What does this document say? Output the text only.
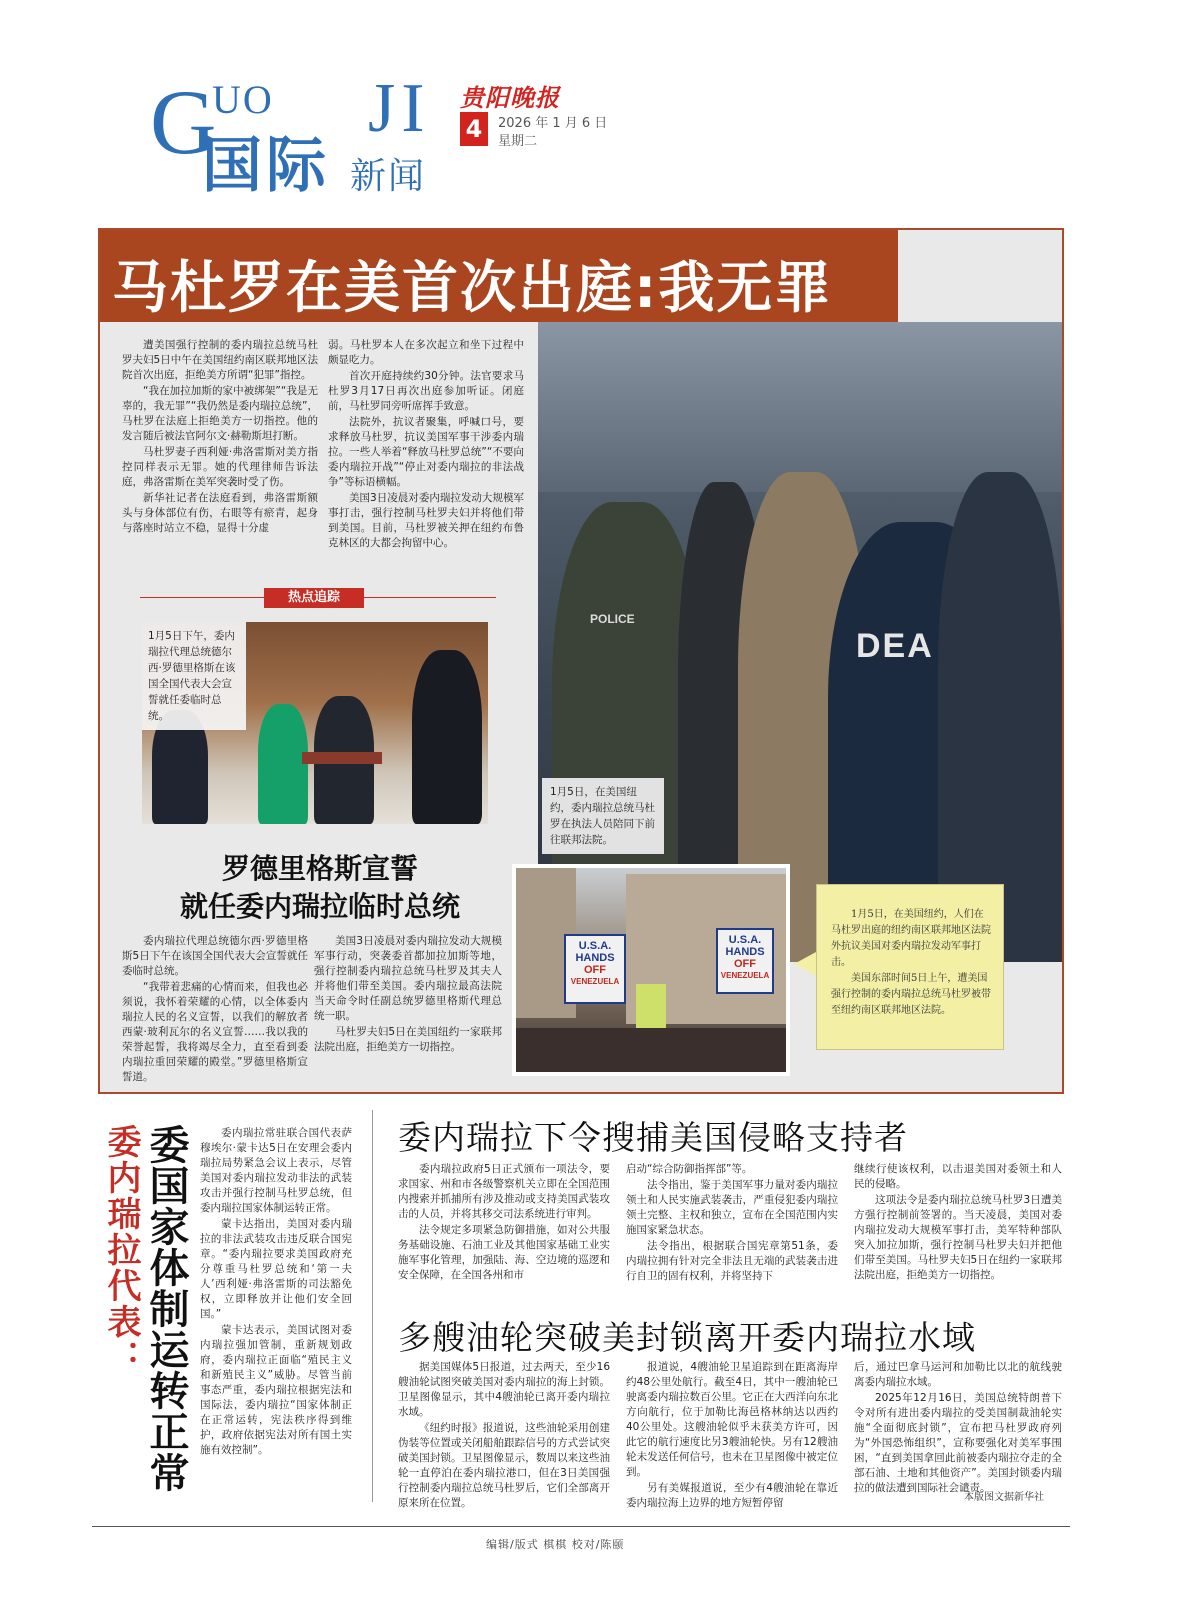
G
UO JI
国际 新闻
贵阳晚报
4	2026 年 1 月 6 日
星期二
马杜罗在美首次出庭:我无罪

遭美国强行控制的委内瑞拉总统马杜罗夫妇5日中午在美国纽约南区联邦地区法院首次出庭，拒绝美方所谓“犯罪”指控。

“我在加拉加斯的家中被绑架”“我是无辜的，我无罪”“我仍然是委内瑞拉总统”，马杜罗在法庭上拒绝美方一切指控。他的发言随后被法官阿尔文·赫勒斯坦打断。

马杜罗妻子西利娅·弗洛雷斯对美方指控同样表示无罪。她的代理律师告诉法庭，弗洛雷斯在美军突袭时受了伤。

新华社记者在法庭看到，弗洛雷斯额头与身体部位有伤，右眼等有瘀青，起身与落座时站立不稳，显得十分虚

弱。马杜罗本人在多次起立和坐下过程中颇显吃力。

首次开庭持续约30分钟。法官要求马杜罗3月17日再次出庭参加听证。闭庭前，马杜罗同旁听席挥手致意。

法院外，抗议者聚集，呼喊口号，要求释放马杜罗，抗议美国军事干涉委内瑞拉。一些人举着“释放马杜罗总统”“不要向委内瑞拉开战”“停止对委内瑞拉的非法战争”等标语横幅。

美国3日凌晨对委内瑞拉发动大规模军事打击，强行控制马杜罗夫妇并将他们带到美国。目前，马杜罗被关押在纽约布鲁克林区的大都会拘留中心。

DEA
POLICE
1月5日，在美国纽约，委内瑞拉总统马杜罗在执法人员陪同下前往联邦法院。
热点追踪
1月5日下午，委内瑞拉代理总统德尔西·罗德里格斯在该国全国代表大会宣誓就任委临时总统。
罗德里格斯宣誓
就任委内瑞拉临时总统

委内瑞拉代理总统德尔西·罗德里格斯5日下午在该国全国代表大会宣誓就任委临时总统。

“我带着悲痛的心情而来，但我也必须说，我怀着荣耀的心情，以全体委内瑞拉人民的名义宣誓，以我们的解放者西蒙·玻利瓦尔的名义宣誓……我以我的荣誉起誓，我将竭尽全力，直至看到委内瑞拉重回荣耀的殿堂。”罗德里格斯宣誓道。

美国3日凌晨对委内瑞拉发动大规模军事行动，突袭委首都加拉加斯等地，强行控制委内瑞拉总统马杜罗及其夫人并将他们带至美国。委内瑞拉最高法院当天命令时任副总统罗德里格斯代理总统一职。

马杜罗夫妇5日在美国纽约一家联邦法院出庭，拒绝美方一切指控。

U.S.A.
HANDS
OFF
VENEZUELA
U.S.A.
HANDS
OFF
VENEZUELA

1月5日，在美国纽约，人们在马杜罗出庭的纽约南区联邦地区法院外抗议美国对委内瑞拉发动军事打击。

美国东部时间5日上午，遭美国强行控制的委内瑞拉总统马杜罗被带至纽约南区联邦地区法院。

委内瑞拉代表： 委国家体制运转正常	委内瑞拉常驻联合国代表萨穆埃尔·蒙卡达5日在安理会委内瑞拉局势紧急会议上表示，尽管美国对委内瑞拉发动非法的武装攻击并强行控制马杜罗总统，但委内瑞拉国家体制运转正常。

蒙卡达指出，美国对委内瑞拉的非法武装攻击违反联合国宪章。“委内瑞拉要求美国政府充分尊重马杜罗总统和‘第一夫人’西利娅·弗洛雷斯的司法豁免权，立即释放并让他们安全回国。”

蒙卡达表示，美国试图对委内瑞拉强加管制，重新规划政府，委内瑞拉正面临“殖民主义和新殖民主义”威胁。尽管当前事态严重，委内瑞拉根据宪法和国际法，委内瑞拉“国家体制正在正常运转，宪法秩序得到维护，政府依据宪法对所有国土实施有效控制”。

委内瑞拉下令搜捕美国侵略支持者

委内瑞拉政府5日正式颁布一项法令，要求国家、州和市各级警察机关立即在全国范围内搜索并抓捕所有涉及推动或支持美国武装攻击的人员，并将其移交司法系统进行审判。

法令规定多项紧急防御措施，如对公共服务基础设施、石油工业及其他国家基础工业实施军事化管理，加强陆、海、空边境的巡逻和安全保障，在全国各州和市

启动“综合防御指挥部”等。

法令指出，鉴于美国军事力量对委内瑞拉领土和人民实施武装袭击，严重侵犯委内瑞拉领土完整、主权和独立，宣布在全国范围内实施国家紧急状态。

法令指出，根据联合国宪章第51条，委内瑞拉拥有针对完全非法且无端的武装袭击进行自卫的固有权利，并将坚持下

继续行使该权利，以击退美国对委领土和人民的侵略。

这项法令是委内瑞拉总统马杜罗3日遭美方强行控制前签署的。当天凌晨，美国对委内瑞拉发动大规模军事打击，美军特种部队突入加拉加斯，强行控制马杜罗夫妇并把他们带至美国。马杜罗夫妇5日在纽约一家联邦法院出庭，拒绝美方一切指控。

多艘油轮突破美封锁离开委内瑞拉水域

据美国媒体5日报道，过去两天，至少16艘油轮试图突破美国对委内瑞拉的海上封锁。卫星图像显示，其中4艘油轮已离开委内瑞拉水域。

《纽约时报》报道说，这些油轮采用创建伪装等位置或关闭船舶跟踪信号的方式尝试突破美国封锁。卫星图像显示，数周以来这些油轮一直停泊在委内瑞拉港口，但在3日美国强行控制委内瑞拉总统马杜罗后，它们全部离开原来所在位置。

报道说，4艘油轮卫星追踪到在距离海岸约48公里处航行。截至4日，其中一艘油轮已驶离委内瑞拉数百公里。它正在大西洋向东北方向航行，位于加勒比海邑格林纳达以西约40公里处。这艘油轮似乎未获美方许可，因此它的航行速度比另3艘油轮快。另有12艘油轮未发送任何信号，也未在卫星图像中被定位到。

另有美媒报道说，至少有4艘油轮在靠近委内瑞拉海上边界的地方短暂停留

后，通过巴拿马运河和加勒比以北的航线驶离委内瑞拉水域。

2025年12月16日，美国总统特朗普下令对所有进出委内瑞拉的受美国制裁油轮实施“全面彻底封锁”，宣布把马杜罗政府列为“外国恐怖组织”，宣称要强化对美军事围困，“直到美国拿回此前被委内瑞拉夺走的全部石油、土地和其他资产”。美国封锁委内瑞拉的做法遭到国际社会谴责。

本版图文据新华社
编辑/版式 棋棋 校对/陈颐
